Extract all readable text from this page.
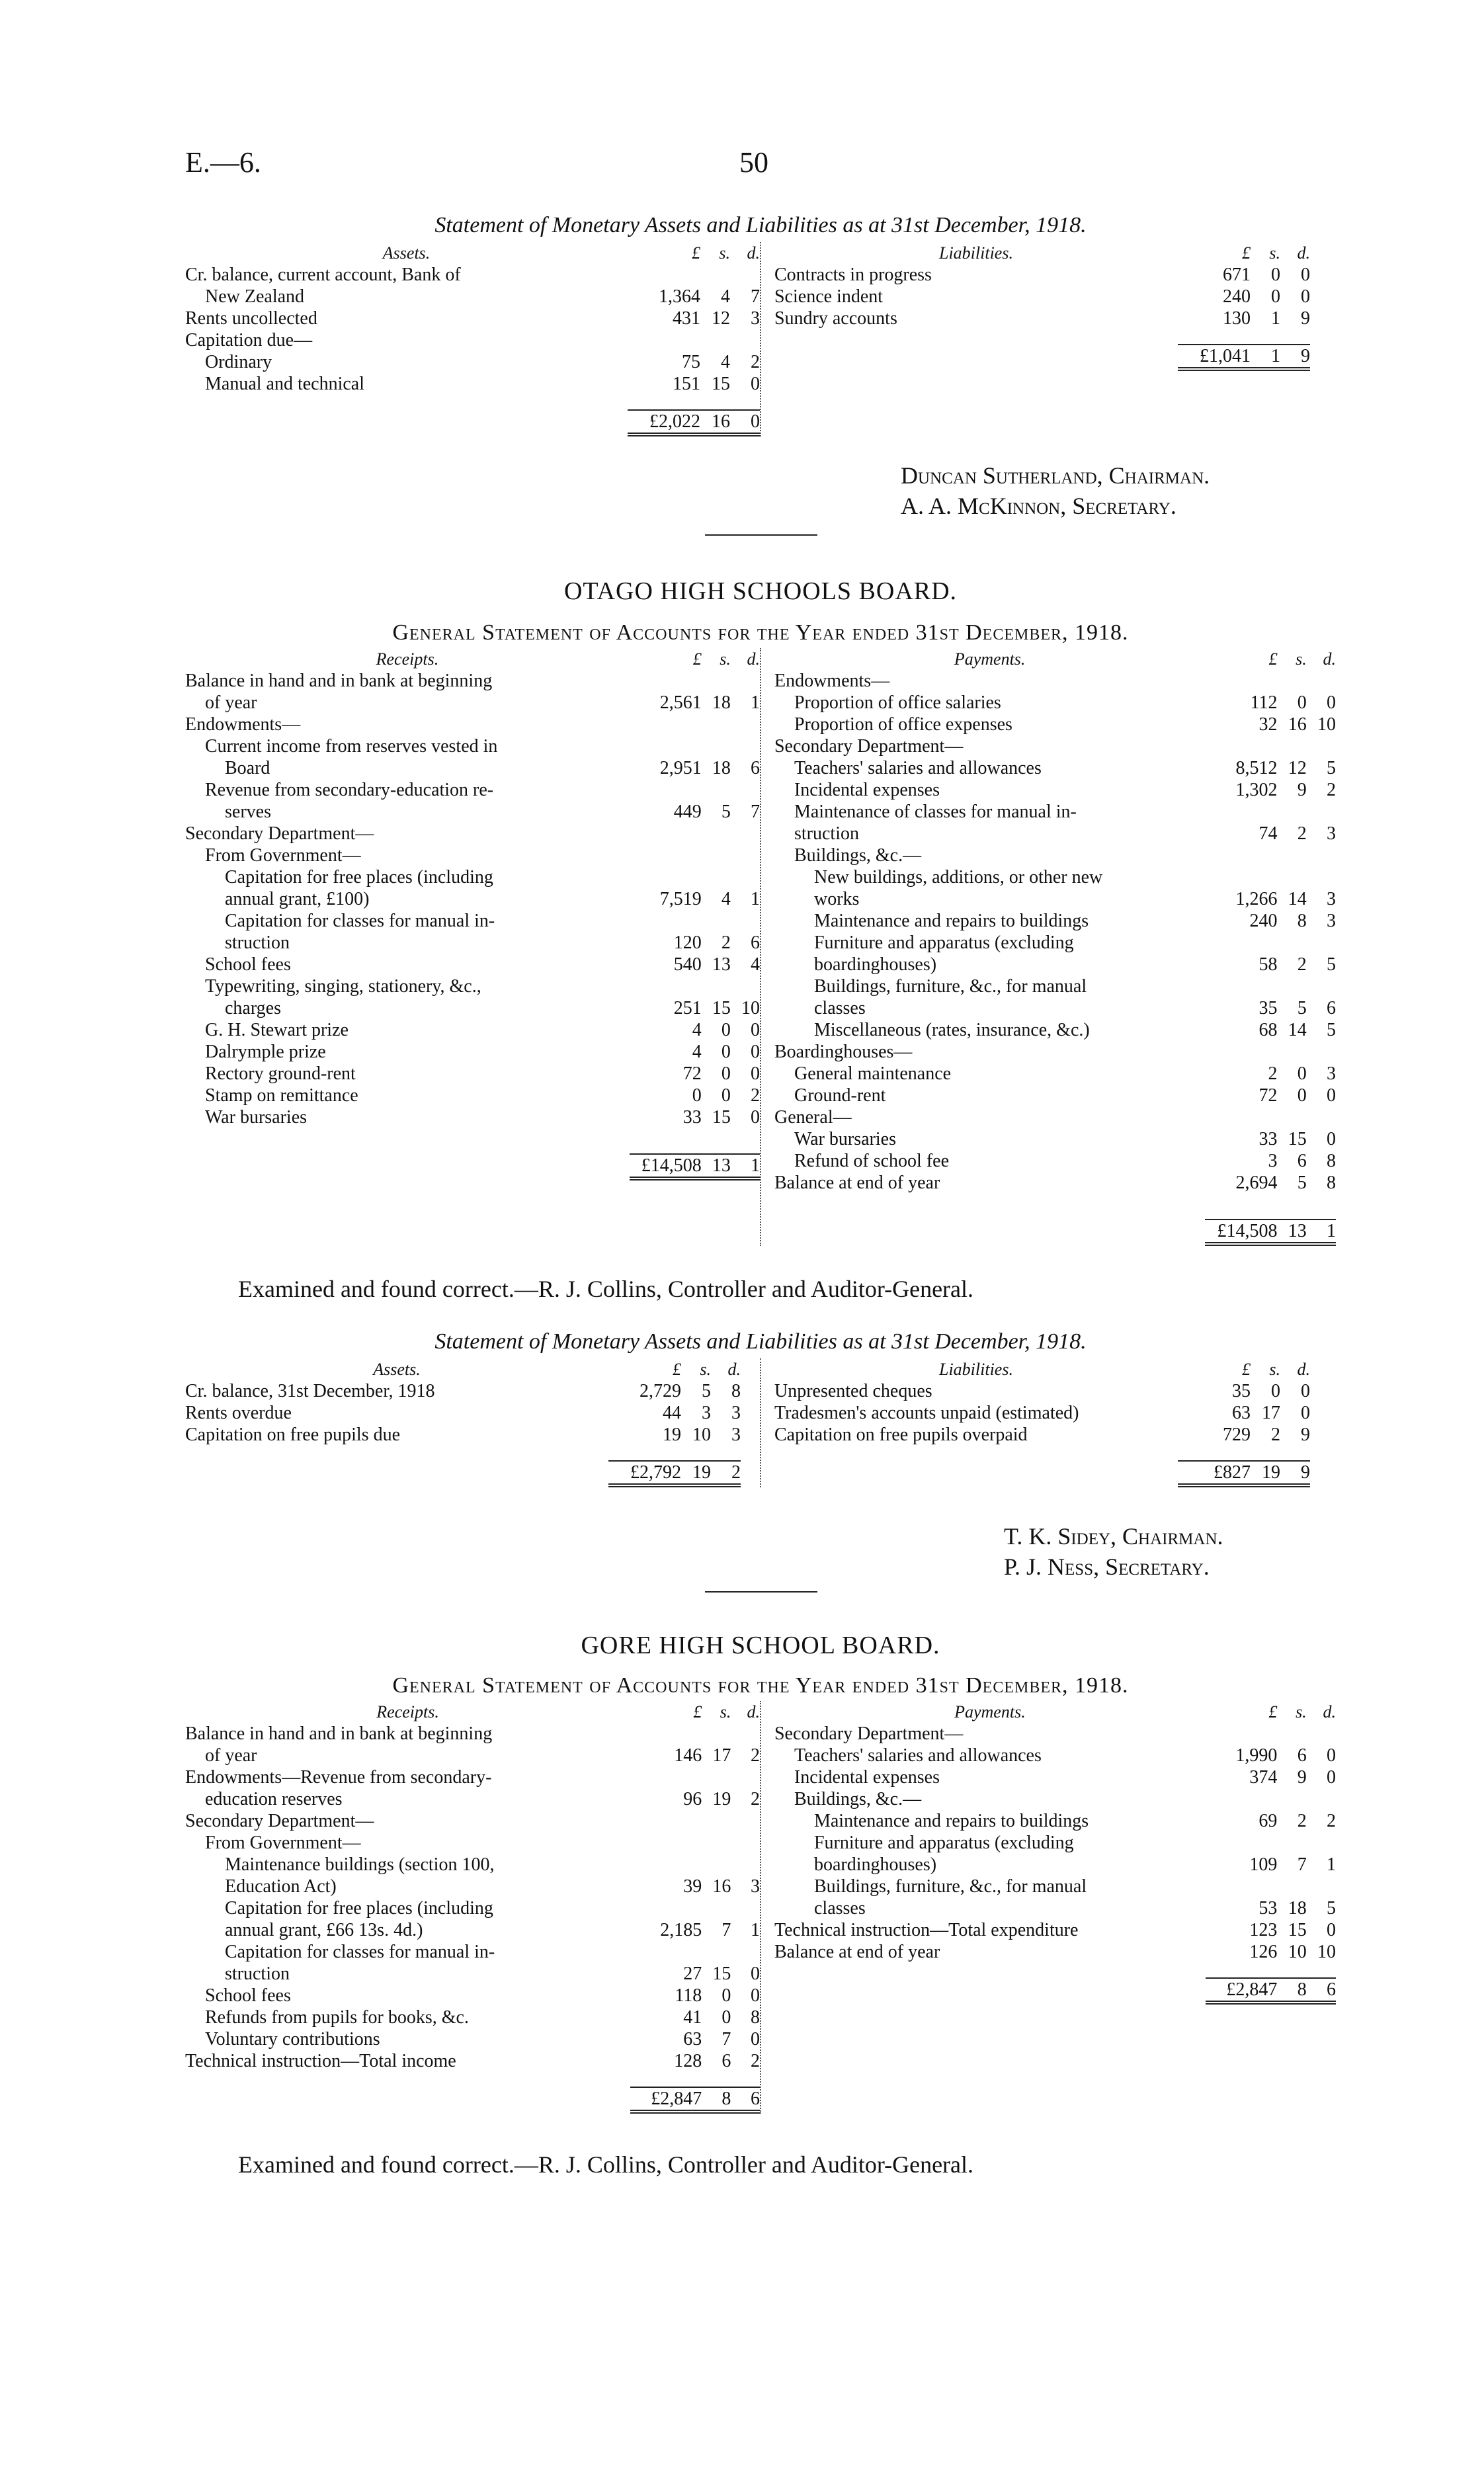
E.—6.	50
Statement of Monetary Assets and Liabilities as at 31st December, 1918.
Assets.	£	s.	d.
Cr. balance, current account, Bank of			
New Zealand	1,364	4	7
Rents uncollected	431	12	3
Capitation due—			
Ordinary	75	4	2
Manual and technical	151	15	0

	£2,022	16	0
Liabilities.	£	s.	d.
Contracts in progress	671	0	0
Science indent	240	0	0
Sundry accounts	130	1	9

	£1,041	1	9
Duncan Sutherland, Chairman.
A. A. McKinnon, Secretary.
OTAGO HIGH SCHOOLS BOARD.
General Statement of Accounts for the Year ended 31st December, 1918.
Receipts.	£	s.	d.
Balance in hand and in bank at beginning			
of year	2,561	18	1
Endowments—			
Current income from reserves vested in			
Board	2,951	18	6
Revenue from secondary-education re-			
serves	449	5	7
Secondary Department—			
From Government—			
Capitation for free places (including			
annual grant, £100)	7,519	4	1
Capitation for classes for manual in-			
struction	120	2	6
School fees	540	13	4
Typewriting, singing, stationery, &c.,			
charges	251	15	10
G. H. Stewart prize	4	0	0
Dalrymple prize	4	0	0
Rectory ground-rent	72	0	0
Stamp on remittance	0	0	2
War bursaries	33	15	0

	£14,508	13	1
Payments.	£	s.	d.
Endowments—			
Proportion of office salaries	112	0	0
Proportion of office expenses	32	16	10
Secondary Department—			
Teachers' salaries and allowances	8,512	12	5
Incidental expenses	1,302	9	2
Maintenance of classes for manual in-			
struction	74	2	3
Buildings, &c.—			
New buildings, additions, or other new			
works	1,266	14	3
Maintenance and repairs to buildings	240	8	3
Furniture and apparatus (excluding			
boardinghouses)	58	2	5
Buildings, furniture, &c., for manual			
classes	35	5	6
Miscellaneous (rates, insurance, &c.)	68	14	5
Boardinghouses—			
General maintenance	2	0	3
Ground-rent	72	0	0
General—			
War bursaries	33	15	0
Refund of school fee	3	6	8
Balance at end of year	2,694	5	8

	£14,508	13	1
Examined and found correct.—R. J. Collins, Controller and Auditor-General.
Statement of Monetary Assets and Liabilities as at 31st December, 1918.
Assets.	£	s.	d.
Cr. balance, 31st December, 1918	2,729	5	8
Rents overdue	44	3	3
Capitation on free pupils due	19	10	3

	£2,792	19	2
Liabilities.	£	s.	d.
Unpresented cheques	35	0	0
Tradesmen's accounts unpaid (estimated)	63	17	0
Capitation on free pupils overpaid	729	2	9

	£827	19	9
T. K. Sidey, Chairman.
P. J. Ness, Secretary.
GORE HIGH SCHOOL BOARD.
General Statement of Accounts for the Year ended 31st December, 1918.
Receipts.	£	s.	d.
Balance in hand and in bank at beginning			
of year	146	17	2
Endowments—Revenue from secondary-			
education reserves	96	19	2
Secondary Department—			
From Government—			
Maintenance buildings (section 100,			
Education Act)	39	16	3
Capitation for free places (including			
annual grant, £66 13s. 4d.)	2,185	7	1
Capitation for classes for manual in-			
struction	27	15	0
School fees	118	0	0
Refunds from pupils for books, &c.	41	0	8
Voluntary contributions	63	7	0
Technical instruction—Total income	128	6	2

	£2,847	8	6
Payments.	£	s.	d.
Secondary Department—			
Teachers' salaries and allowances	1,990	6	0
Incidental expenses	374	9	0
Buildings, &c.—			
Maintenance and repairs to buildings	69	2	2
Furniture and apparatus (excluding			
boardinghouses)	109	7	1
Buildings, furniture, &c., for manual			
classes	53	18	5
Technical instruction—Total expenditure	123	15	0
Balance at end of year	126	10	10

	£2,847	8	6
Examined and found correct.—R. J. Collins, Controller and Auditor-General.
